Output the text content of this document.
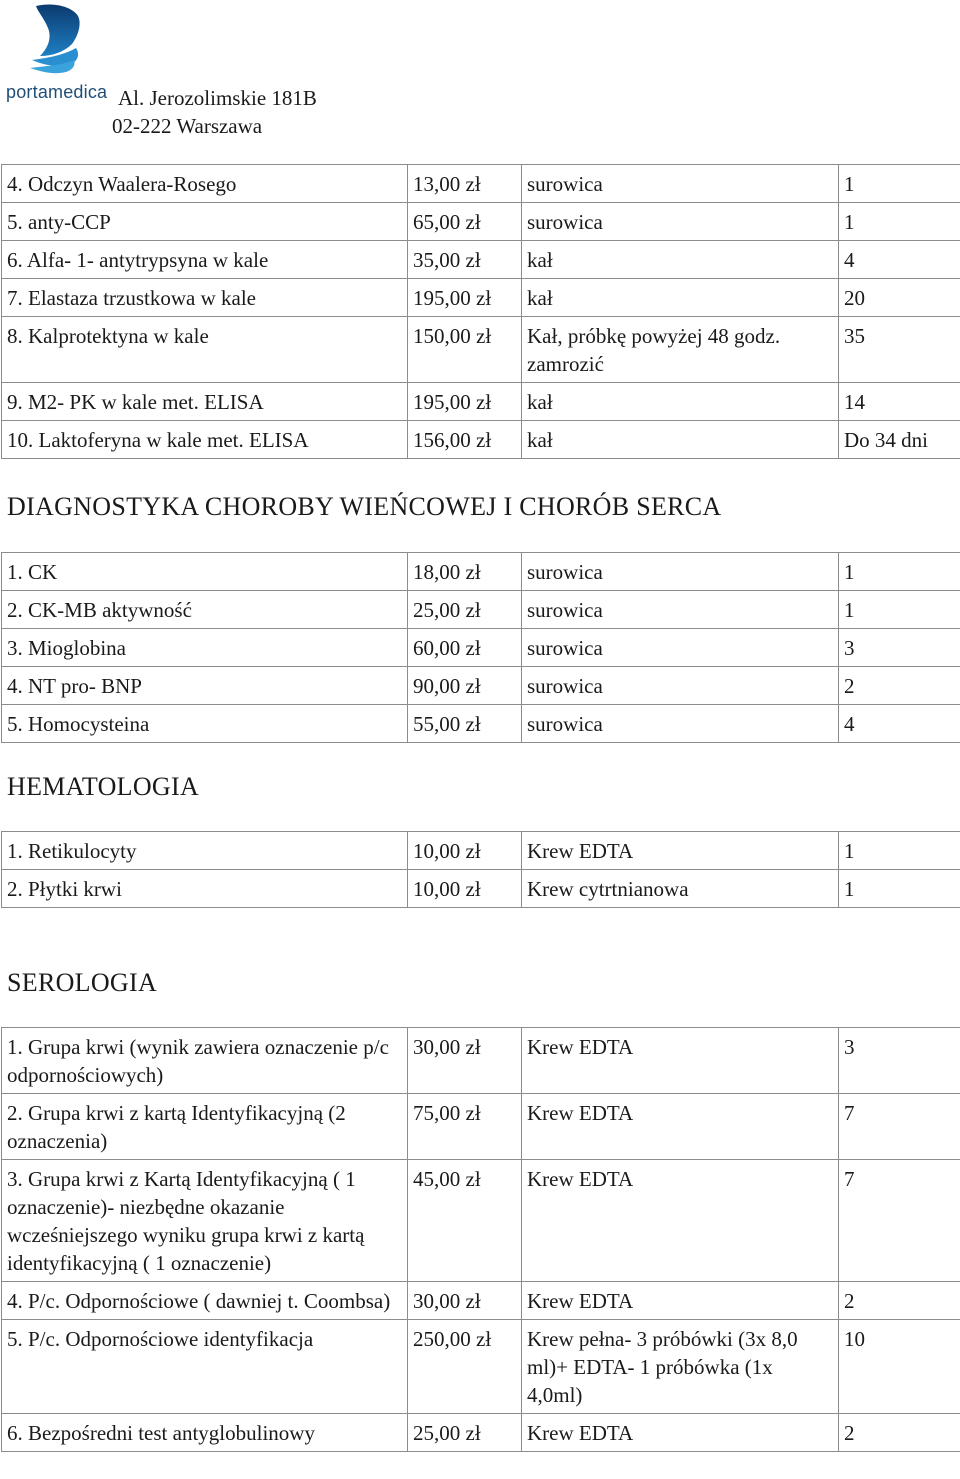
portamedica Al. Jerozolimskie 181B
02-222 Warszawa
4. Odczyn Waalera-Rosego	13,00 zł	surowica	1
5. anty-CCP	65,00 zł	surowica	1
6. Alfa- 1- antytrypsyna w kale	35,00 zł	kał	4
7. Elastaza trzustkowa w kale	195,00 zł	kał	20
8. Kalprotektyna w kale	150,00 zł	Kał, próbkę powyżej 48 godz. zamrozić	35
9. M2- PK w kale met. ELISA	195,00 zł	kał	14
10. Laktoferyna w kale met. ELISA	156,00 zł	kał	Do 34 dni
DIAGNOSTYKA CHOROBY WIEŃCOWEJ I CHORÓB SERCA
1. CK	18,00 zł	surowica	1
2. CK-MB aktywność	25,00 zł	surowica	1
3. Mioglobina	60,00 zł	surowica	3
4. NT pro- BNP	90,00 zł	surowica	2
5. Homocysteina	55,00 zł	surowica	4
HEMATOLOGIA
1. Retikulocyty	10,00 zł	Krew EDTA	1
2. Płytki krwi	10,00 zł	Krew cytrtnianowa	1
SEROLOGIA
1. Grupa krwi (wynik zawiera oznaczenie p/c odpornościowych)	30,00 zł	Krew EDTA	3
2. Grupa krwi z kartą Identyfikacyjną (2 oznaczenia)	75,00 zł	Krew EDTA	7
3. Grupa krwi z Kartą Identyfikacyjną ( 1 oznaczenie)- niezbędne okazanie wcześniejszego wyniku grupa krwi z kartą identyfikacyjną ( 1 oznaczenie)	45,00 zł	Krew EDTA	7
4. P/c. Odpornościowe ( dawniej t. Coombsa)	30,00 zł	Krew EDTA	2
5. P/c. Odpornościowe identyfikacja	250,00 zł	Krew pełna- 3 próbówki (3x 8,0 ml)+ EDTA- 1 próbówka (1x 4,0ml)	10
6. Bezpośredni test antyglobulinowy	25,00 zł	Krew EDTA	2
